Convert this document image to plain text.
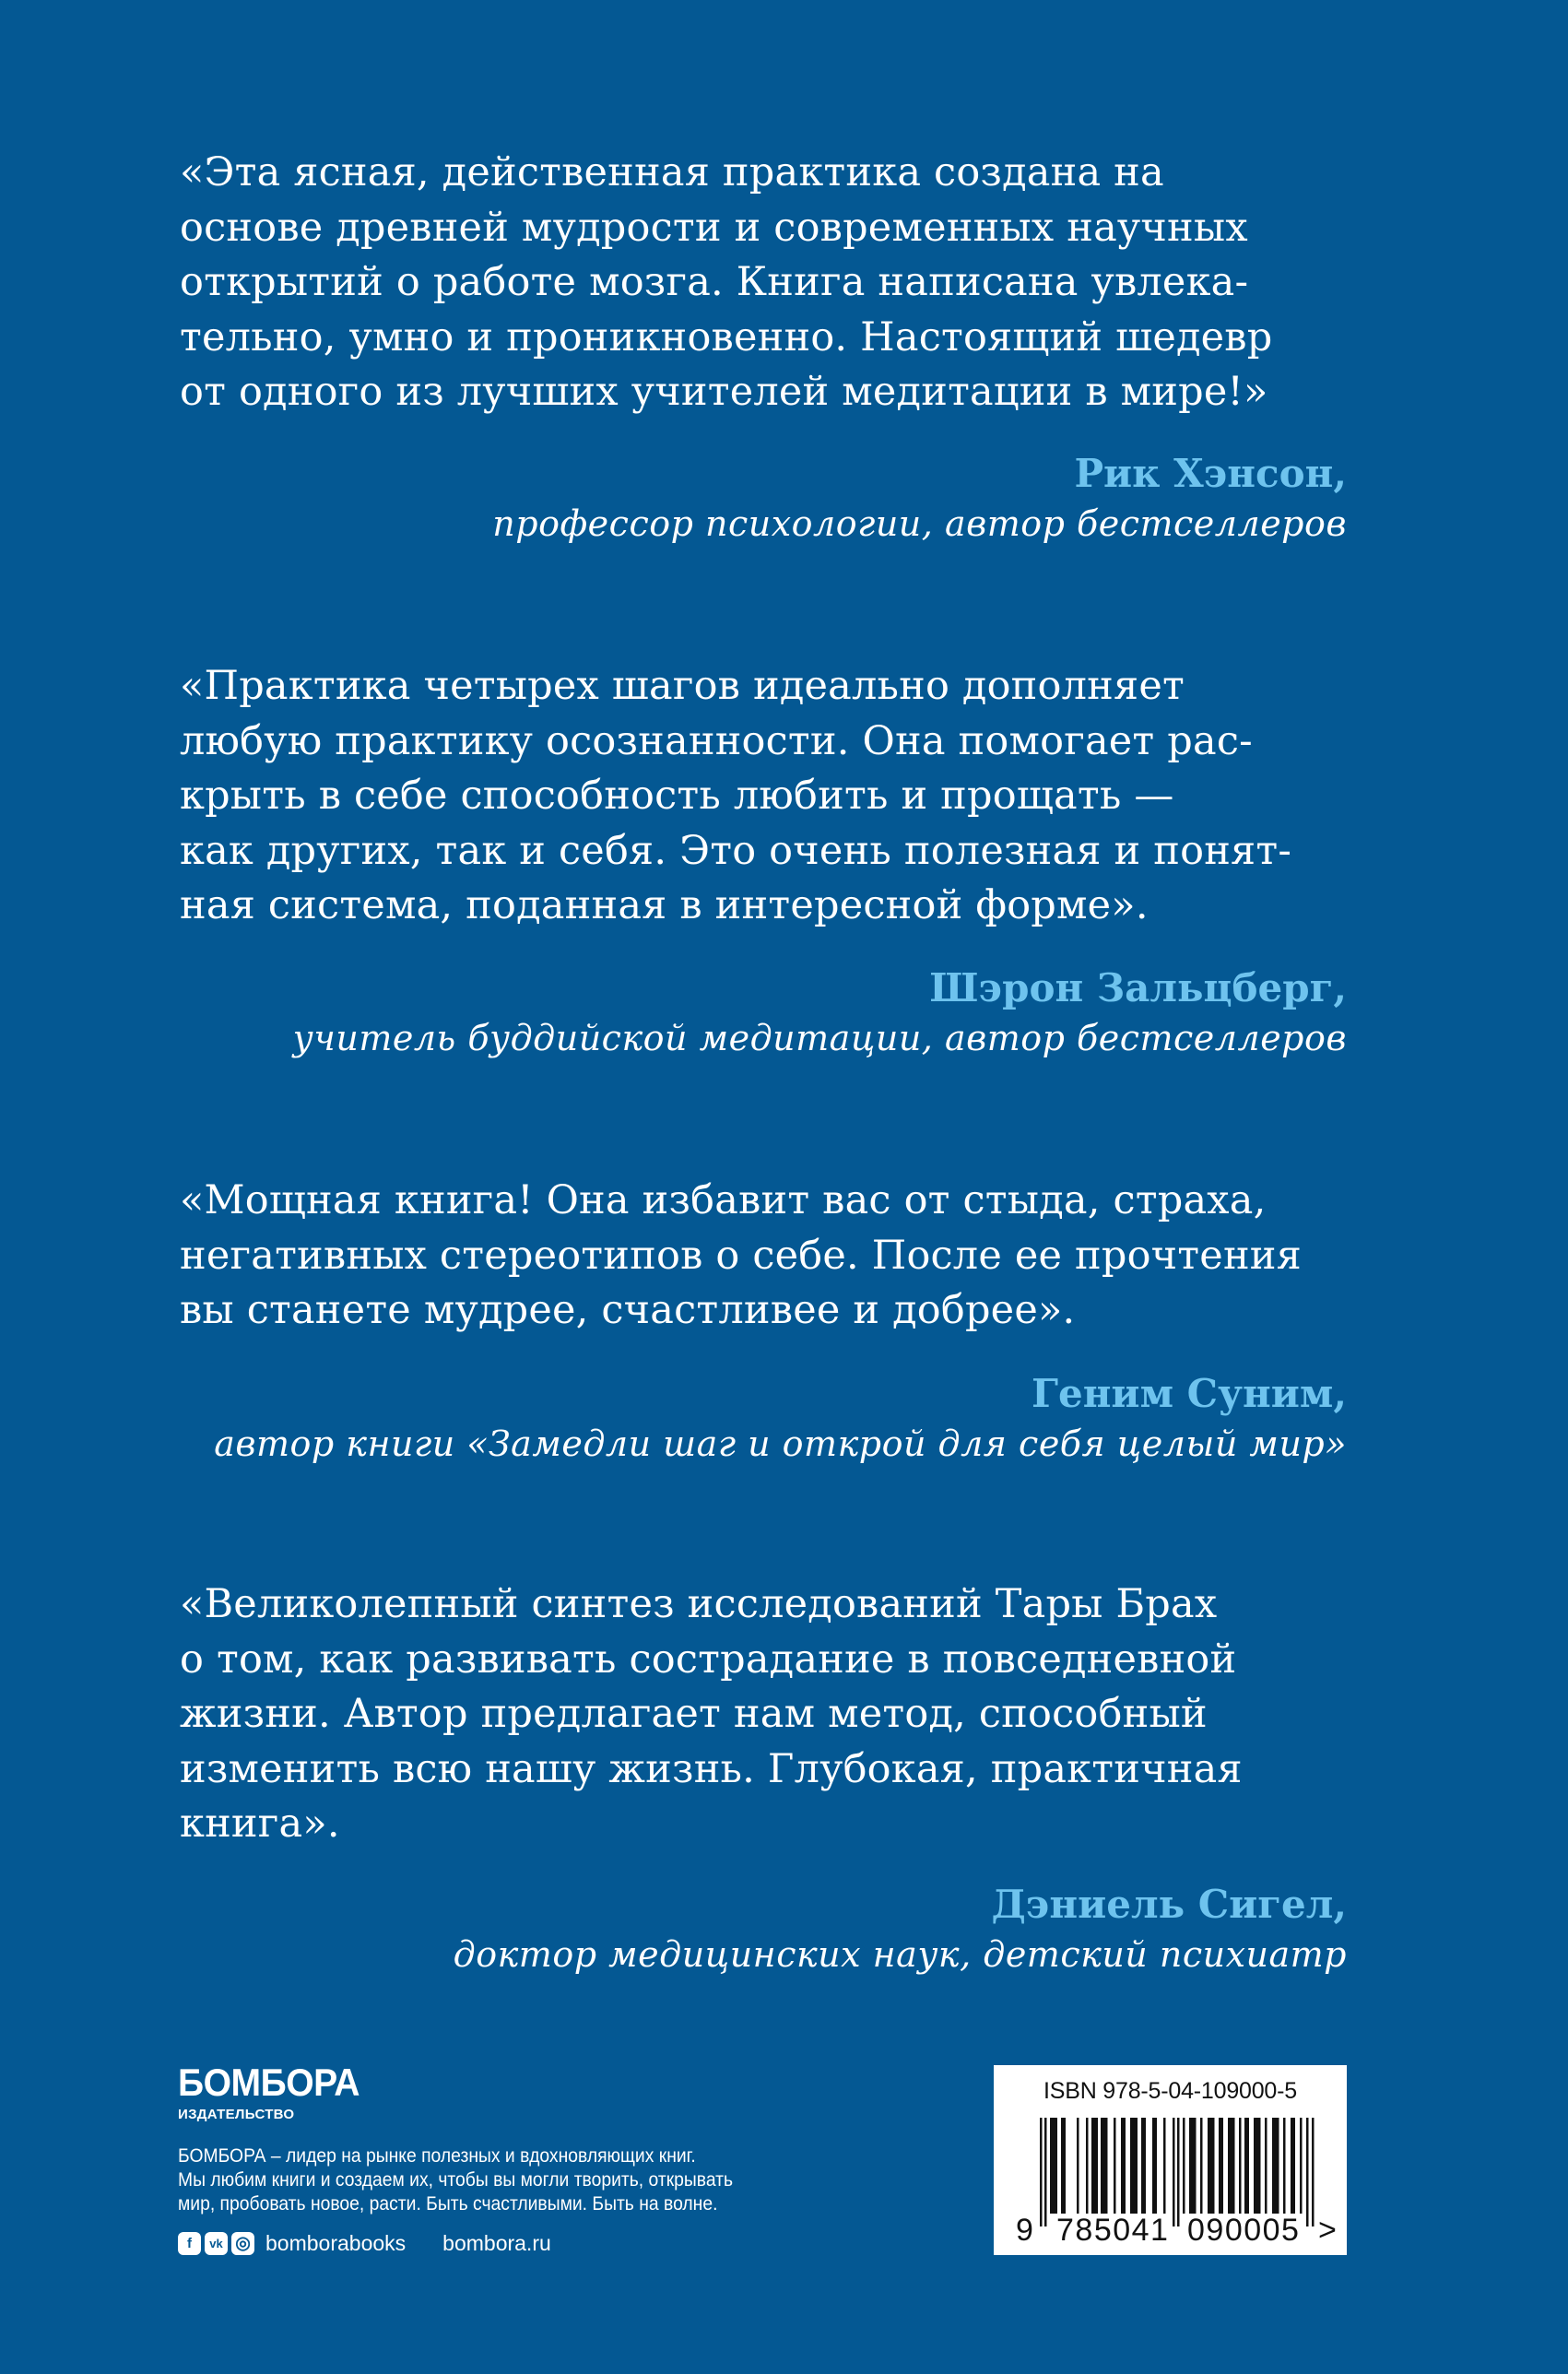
«Эта ясная, действенная практика создана на
основе древней мудрости и современных научных
открытий о работе мозга. Книга написана увлека-
тельно, умно и проникновенно. Настоящий шедевр
от одного из лучших учителей медитации в мире!»
Рик Хэнсон,
профессор психологии, автор бестселлеров
«Практика четырех шагов идеально дополняет
любую практику осознанности. Она помогает рас-
крыть в себе способность любить и прощать —
как других, так и себя. Это очень полезная и понят-
ная система, поданная в интересной форме».
Шэрон Зальцберг,
учитель буддийской медитации, автор бестселлеров
«Мощная книга! Она избавит вас от стыда, страха,
негативных стереотипов о себе. После ее прочтения
вы станете мудрее, счастливее и добрее».
Геним Суним,
автор книги «Замедли шаг и открой для себя целый мир»
«Великолепный синтез исследований Тары Брах
о том, как развивать сострадание в повседневной
жизни. Автор предлагает нам метод, способный
изменить всю нашу жизнь. Глубокая, практичная
книга».
Дэниель Сигел,
доктор медицинских наук, детский психиатр
БОМБОРА
ИЗДАТЕЛЬСТВО
БОМБОРА – лидер на рынке полезных и вдохновляющих книг.
Мы любим книги и создаем их, чтобы вы могли творить, открывать
мир, пробовать новое, расти. Быть счастливыми. Быть на волне.
f	vk ◎ bomborabooks bombora.ru
ISBN 978-5-04-109000-5
9 785041 090005 >
